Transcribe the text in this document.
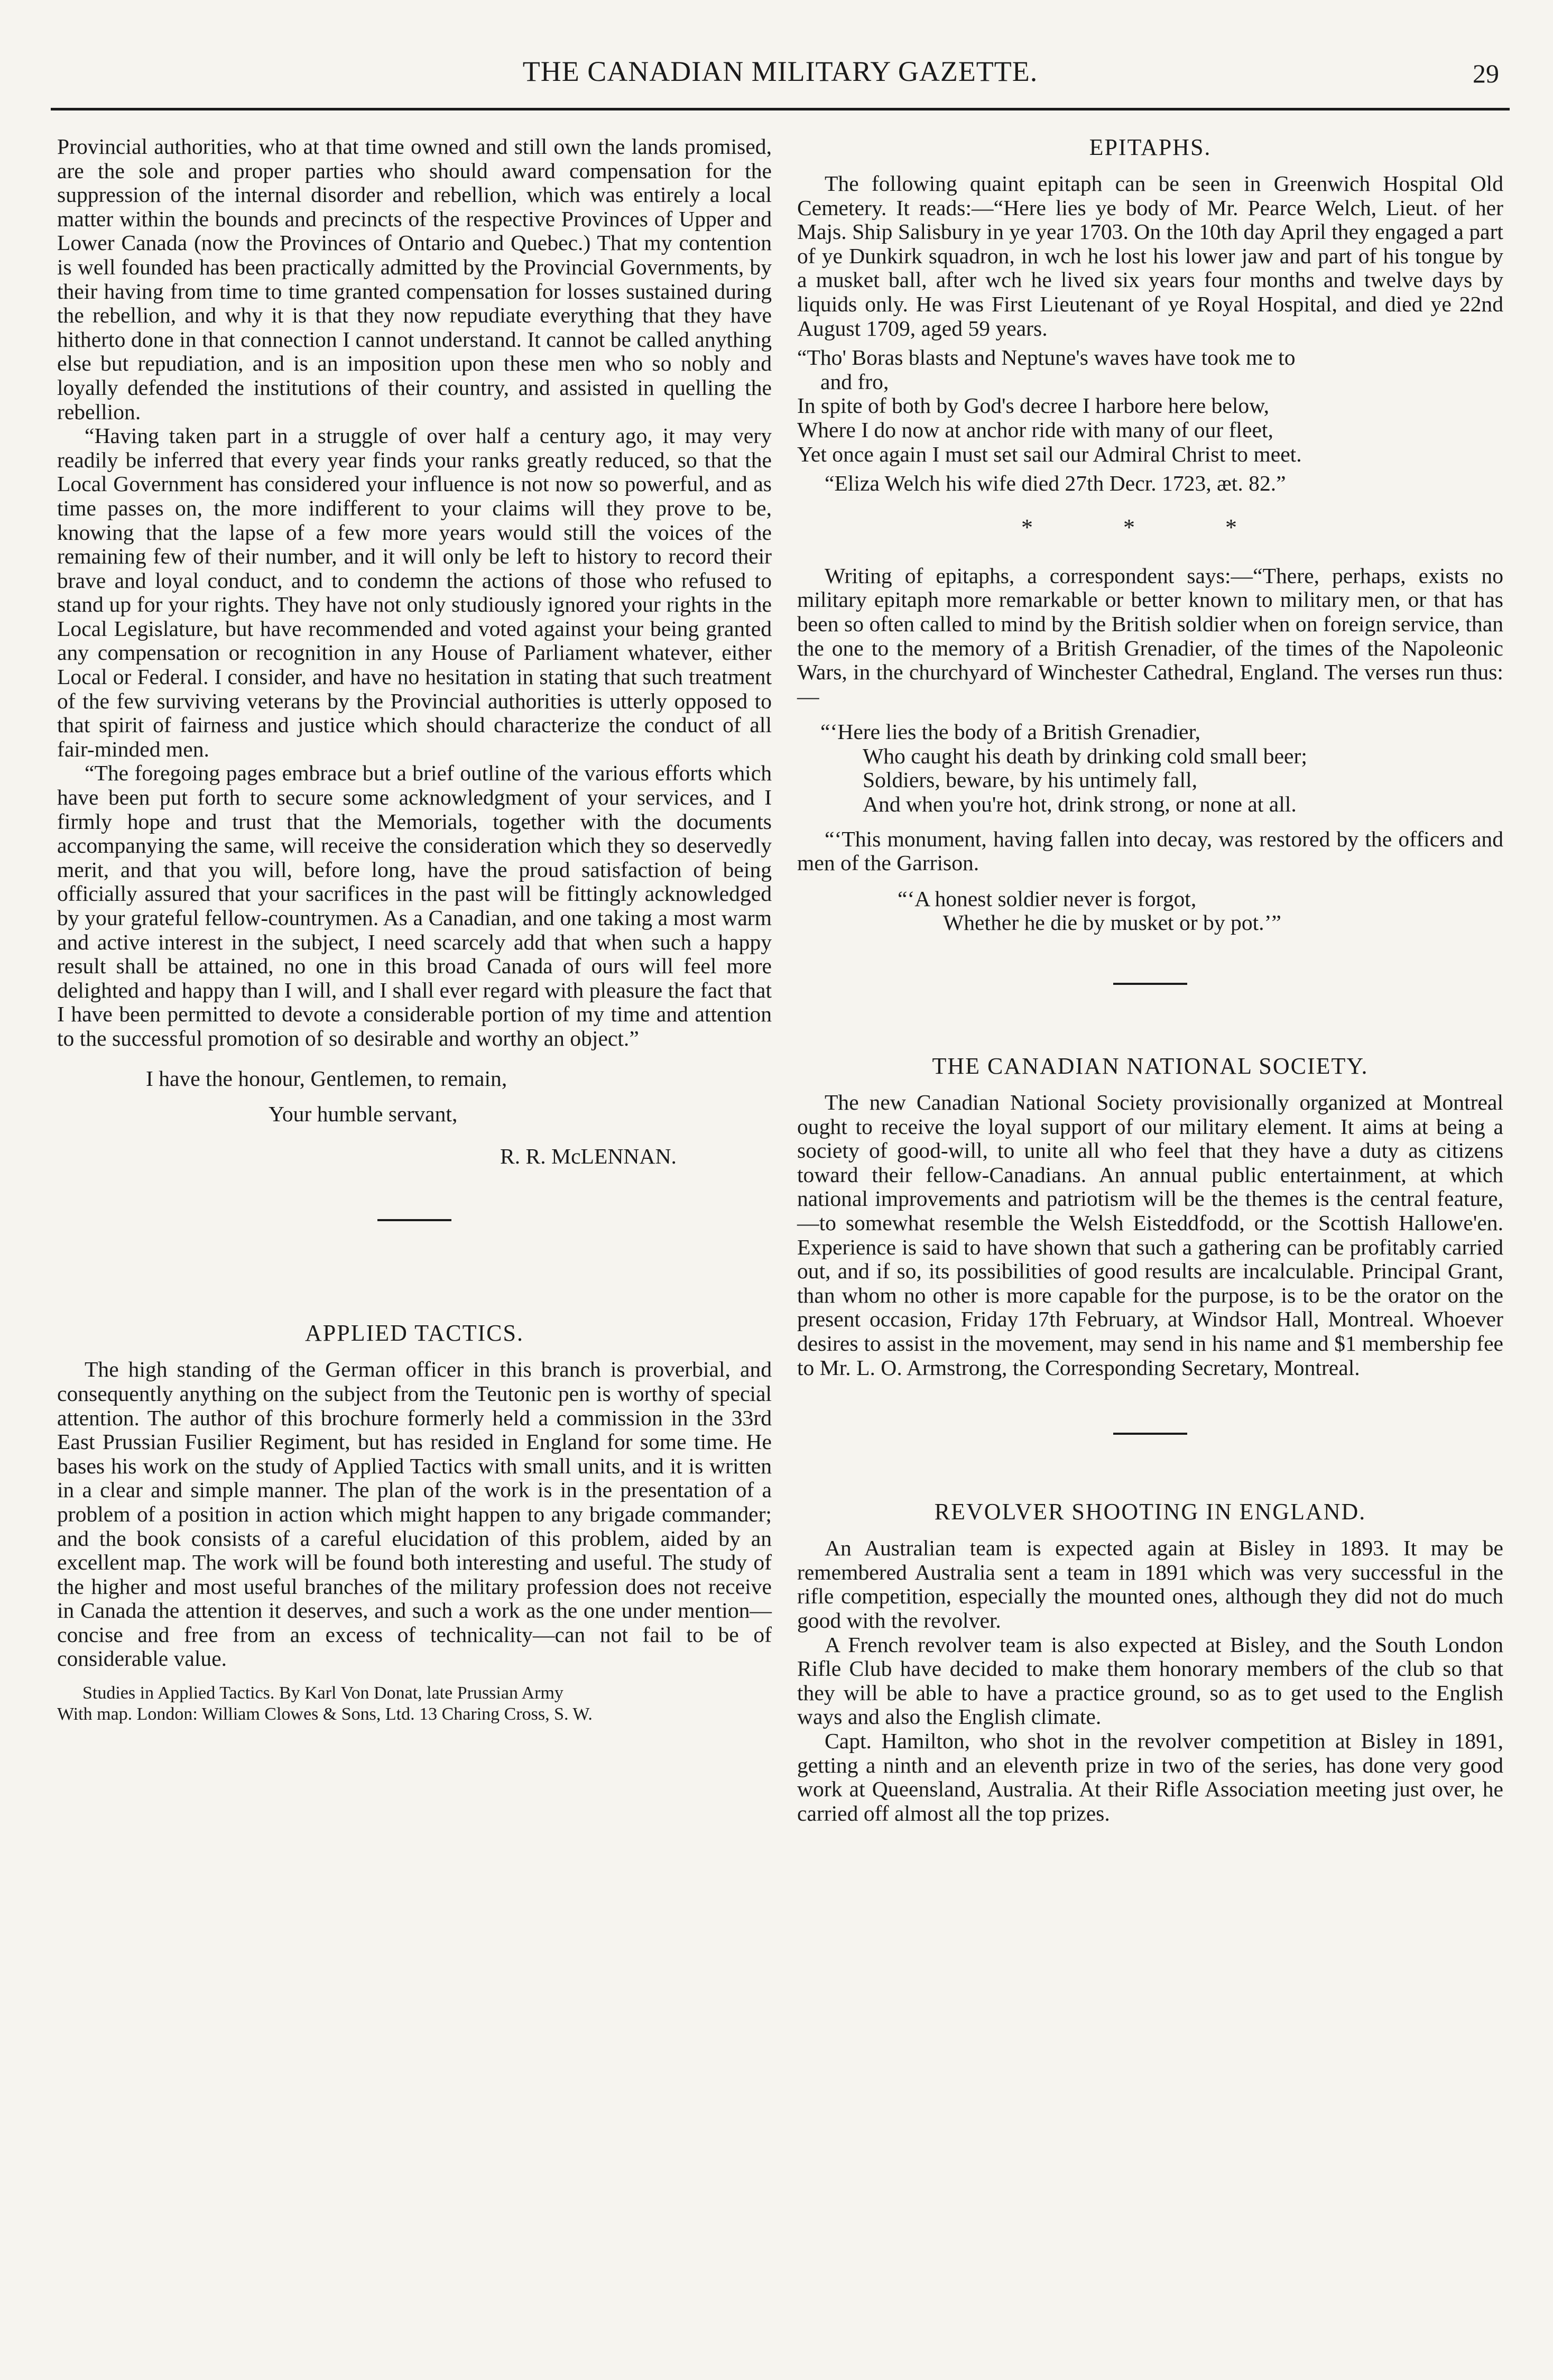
THE CANADIAN MILITARY GAZETTE.	29

Provincial authorities, who at that time owned and still own the lands promised, are the sole and proper parties who should award compensation for the suppression of the internal disorder and rebellion, which was entirely a local matter within the bounds and precincts of the respective Provinces of Upper and Lower Canada (now the Provinces of Ontario and Quebec.) That my contention is well founded has been practically admitted by the Provincial Governments, by their having from time to time granted compensation for losses sustained during the rebellion, and why it is that they now repudiate everything that they have hitherto done in that connection I cannot understand. It cannot be called anything else but repudiation, and is an imposition upon these men who so nobly and loyally defended the institutions of their country, and assisted in quelling the rebellion.

“Having taken part in a struggle of over half a century ago, it may very readily be inferred that every year finds your ranks greatly reduced, so that the Local Government has considered your influence is not now so powerful, and as time passes on, the more indifferent to your claims will they prove to be, knowing that the lapse of a few more years would still the voices of the remaining few of their number, and it will only be left to history to record their brave and loyal conduct, and to condemn the actions of those who refused to stand up for your rights. They have not only studiously ignored your rights in the Local Legislature, but have recommended and voted against your being granted any compensation or recognition in any House of Parliament whatever, either Local or Federal. I consider, and have no hesitation in stating that such treatment of the few surviving veterans by the Provincial authorities is utterly opposed to that spirit of fairness and justice which should characterize the conduct of all fair-minded men.

“The foregoing pages embrace but a brief outline of the various efforts which have been put forth to secure some acknowledgment of your services, and I firmly hope and trust that the Memorials, together with the documents accompanying the same, will receive the consideration which they so deservedly merit, and that you will, before long, have the proud satisfaction of being officially assured that your sacrifices in the past will be fittingly acknowledged by your grateful fellow-countrymen. As a Canadian, and one taking a most warm and active interest in the subject, I need scarcely add that when such a happy result shall be attained, no one in this broad Canada of ours will feel more delighted and happy than I will, and I shall ever regard with pleasure the fact that I have been permitted to devote a considerable portion of my time and attention to the successful promotion of so desirable and worthy an object.”

I have the honour, Gentlemen, to remain,

Your humble servant,

R. R. McLENNAN.

APPLIED TACTICS.

The high standing of the German officer in this branch is proverbial, and consequently anything on the subject from the Teutonic pen is worthy of special attention. The author of this brochure formerly held a commission in the 33rd East Prussian Fusilier Regiment, but has resided in England for some time. He bases his work on the study of Applied Tactics with small units, and it is written in a clear and simple manner. The plan of the work is in the presentation of a problem of a position in action which might happen to any brigade commander; and the book consists of a careful elucidation of this problem, aided by an excellent map. The work will be found both interesting and useful. The study of the higher and most useful branches of the military profession does not receive in Canada the attention it deserves, and such a work as the one under mention—concise and free from an excess of technicality—can not fail to be of considerable value.

Studies in Applied Tactics. By Karl Von Donat, late Prussian Army

With map. London: William Clowes & Sons, Ltd. 13 Charing Cross, S. W.

EPITAPHS.

The following quaint epitaph can be seen in Greenwich Hospital Old Cemetery. It reads:—“Here lies ye body of Mr. Pearce Welch, Lieut. of her Majs. Ship Salisbury in ye year 1703. On the 10th day April they engaged a part of ye Dunkirk squadron, in wch he lost his lower jaw and part of his tongue by a musket ball, after wch he lived six years four months and twelve days by liquids only. He was First Lieutenant of ye Royal Hospital, and died ye 22nd August 1709, aged 59 years.

“Tho' Boras blasts and Neptune's waves have took me to

and fro,

In spite of both by God's decree I harbore here below,

Where I do now at anchor ride with many of our fleet,

Yet once again I must set sail our Admiral Christ to meet.

“Eliza Welch his wife died 27th Decr. 1723, æt. 82.”

* * *

Writing of epitaphs, a correspondent says:—“There, perhaps, exists no military epitaph more remarkable or better known to military men, or that has been so often called to mind by the British soldier when on foreign service, than the one to the memory of a British Grenadier, of the times of the Napoleonic Wars, in the churchyard of Winchester Cathedral, England. The verses run thus:—

“‘Here lies the body of a British Grenadier,

Who caught his death by drinking cold small beer;

Soldiers, beware, by his untimely fall,

And when you're hot, drink strong, or none at all.

“‘This monument, having fallen into decay, was restored by the officers and men of the Garrison.

“‘A honest soldier never is forgot,

Whether he die by musket or by pot.’”

THE CANADIAN NATIONAL SOCIETY.

The new Canadian National Society provisionally organized at Montreal ought to receive the loyal support of our military element. It aims at being a society of good-will, to unite all who feel that they have a duty as citizens toward their fellow-Canadians. An annual public entertainment, at which national improvements and patriotism will be the themes is the central feature,—to somewhat resemble the Welsh Eisteddfodd, or the Scottish Hallowe'en. Experience is said to have shown that such a gathering can be profitably carried out, and if so, its possibilities of good results are incalculable. Principal Grant, than whom no other is more capable for the purpose, is to be the orator on the present occasion, Friday 17th February, at Windsor Hall, Montreal. Whoever desires to assist in the movement, may send in his name and $1 membership fee to Mr. L. O. Armstrong, the Corresponding Secretary, Montreal.

REVOLVER SHOOTING IN ENGLAND.

An Australian team is expected again at Bisley in 1893. It may be remembered Australia sent a team in 1891 which was very successful in the rifle competition, especially the mounted ones, although they did not do much good with the revolver.

A French revolver team is also expected at Bisley, and the South London Rifle Club have decided to make them honorary members of the club so that they will be able to have a practice ground, so as to get used to the English ways and also the English climate.

Capt. Hamilton, who shot in the revolver competition at Bisley in 1891, getting a ninth and an eleventh prize in two of the series, has done very good work at Queensland, Australia. At their Rifle Association meeting just over, he carried off almost all the top prizes.
